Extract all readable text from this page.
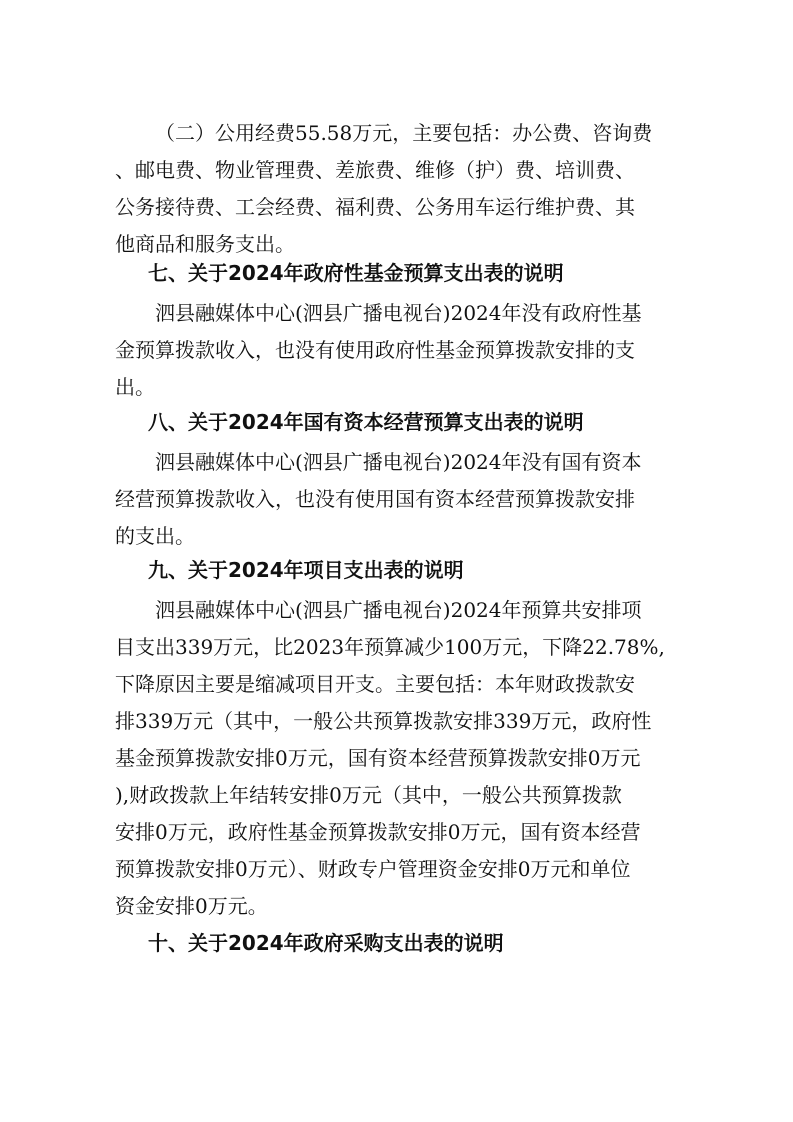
（二）公用经费55.58万元，主要包括：办公费、咨询费
、邮电费、物业管理费、差旅费、维修（护）费、培训费、
公务接待费、工会经费、福利费、公务用车运行维护费、其
他商品和服务支出。
七、关于2024年政府性基金预算支出表的说明
泗县融媒体中心(泗县广播电视台)2024年没有政府性基
金预算拨款收入，也没有使用政府性基金预算拨款安排的支
出。
八、关于2024年国有资本经营预算支出表的说明
泗县融媒体中心(泗县广播电视台)2024年没有国有资本
经营预算拨款收入，也没有使用国有资本经营预算拨款安排
的支出。
九、关于2024年项目支出表的说明
泗县融媒体中心(泗县广播电视台)2024年预算共安排项
目支出339万元，比2023年预算减少100万元，下降22.78%,
下降原因主要是缩减项目开支。主要包括：本年财政拨款安
排339万元（其中，一般公共预算拨款安排339万元，政府性
基金预算拨款安排0万元，国有资本经营预算拨款安排0万元
),财政拨款上年结转安排0万元（其中，一般公共预算拨款
安排0万元，政府性基金预算拨款安排0万元，国有资本经营
预算拨款安排0万元）、财政专户管理资金安排0万元和单位
资金安排0万元。
十、关于2024年政府采购支出表的说明
